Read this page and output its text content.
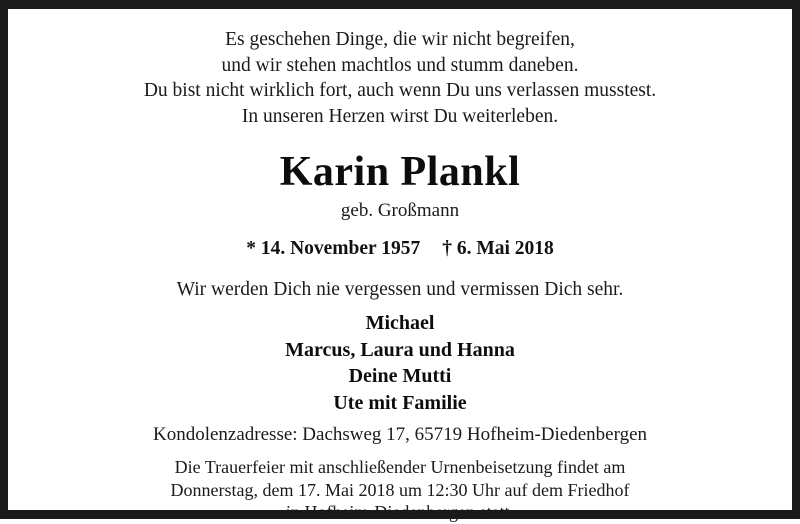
Es geschehen Dinge, die wir nicht begreifen,
und wir stehen machtlos und stumm daneben.
Du bist nicht wirklich fort, auch wenn Du uns verlassen musstest.
In unseren Herzen wirst Du weiterleben.
Karin Plankl
geb. Großmann
* 14. November 1957 † 6. Mai 2018
Wir werden Dich nie vergessen und vermissen Dich sehr.
Michael
Marcus, Laura und Hanna
Deine Mutti
Ute mit Familie
Kondolenzadresse: Dachsweg 17, 65719 Hofheim-Diedenbergen
Die Trauerfeier mit anschließender Urnenbeisetzung findet am
Donnerstag, dem 17. Mai 2018 um 12:30 Uhr auf dem Friedhof
in Hofheim-Diedenbergen statt.
